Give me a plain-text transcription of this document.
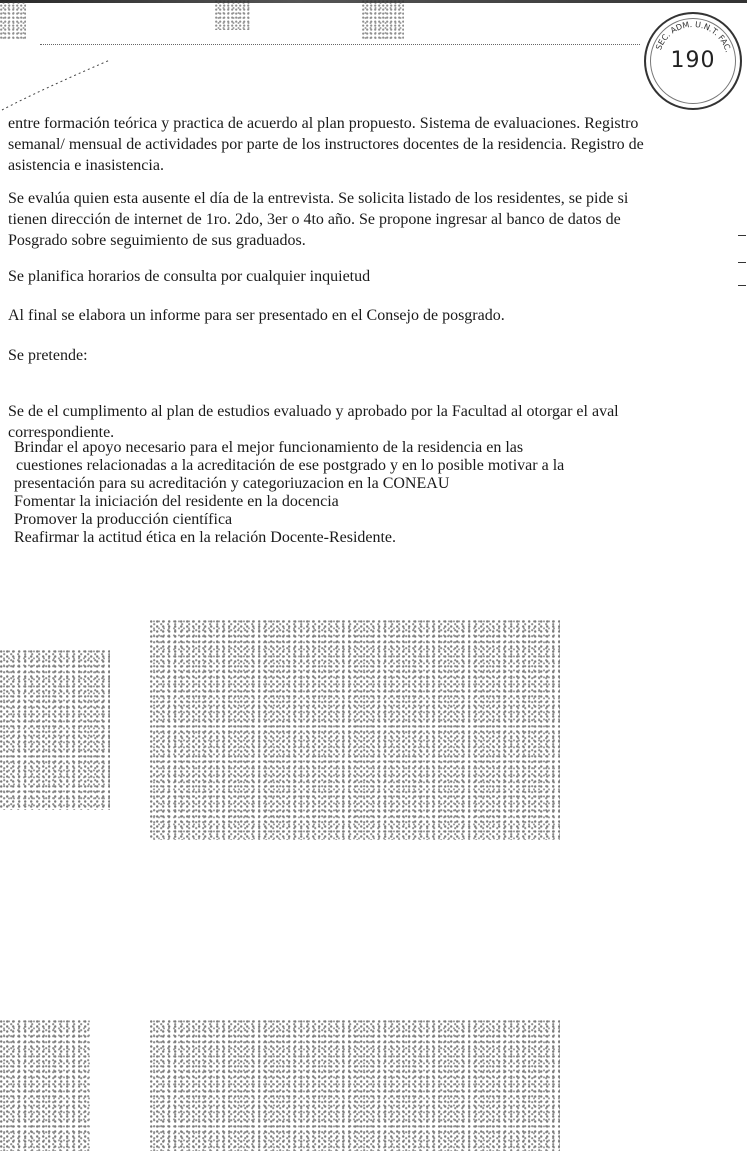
SEC. ADM. U.N.T. FAC.
190

entre formación teórica y practica de acuerdo al plan propuesto. Sistema de evaluaciones. Registro semanal/ mensual de actividades por parte de los instructores docentes de la residencia. Registro de asistencia e inasistencia.

Se evalúa quien esta ausente el día de la entrevista. Se solicita listado de los residentes, se pide si tienen dirección de internet de 1ro. 2do, 3er o 4to año. Se propone ingresar al banco de datos de Posgrado sobre seguimiento de sus graduados.

Se planifica horarios de consulta por cualquier inquietud

Al final se elabora un informe para ser presentado en el Consejo de posgrado.

Se pretende:

Se de el cumplimento al plan de estudios evaluado y aprobado por la Facultad al otorgar el aval correspondiente.

Brindar el apoyo necesario para el mejor funcionamiento de la residencia en las
cuestiones relacionadas a la acreditación de ese postgrado y en lo posible motivar a la
presentación para su acreditación y categoriuzacion en la CONEAU
Fomentar la iniciación del residente en la docencia
Promover la producción científica
Reafirmar la actitud ética en la relación Docente-Residente.
